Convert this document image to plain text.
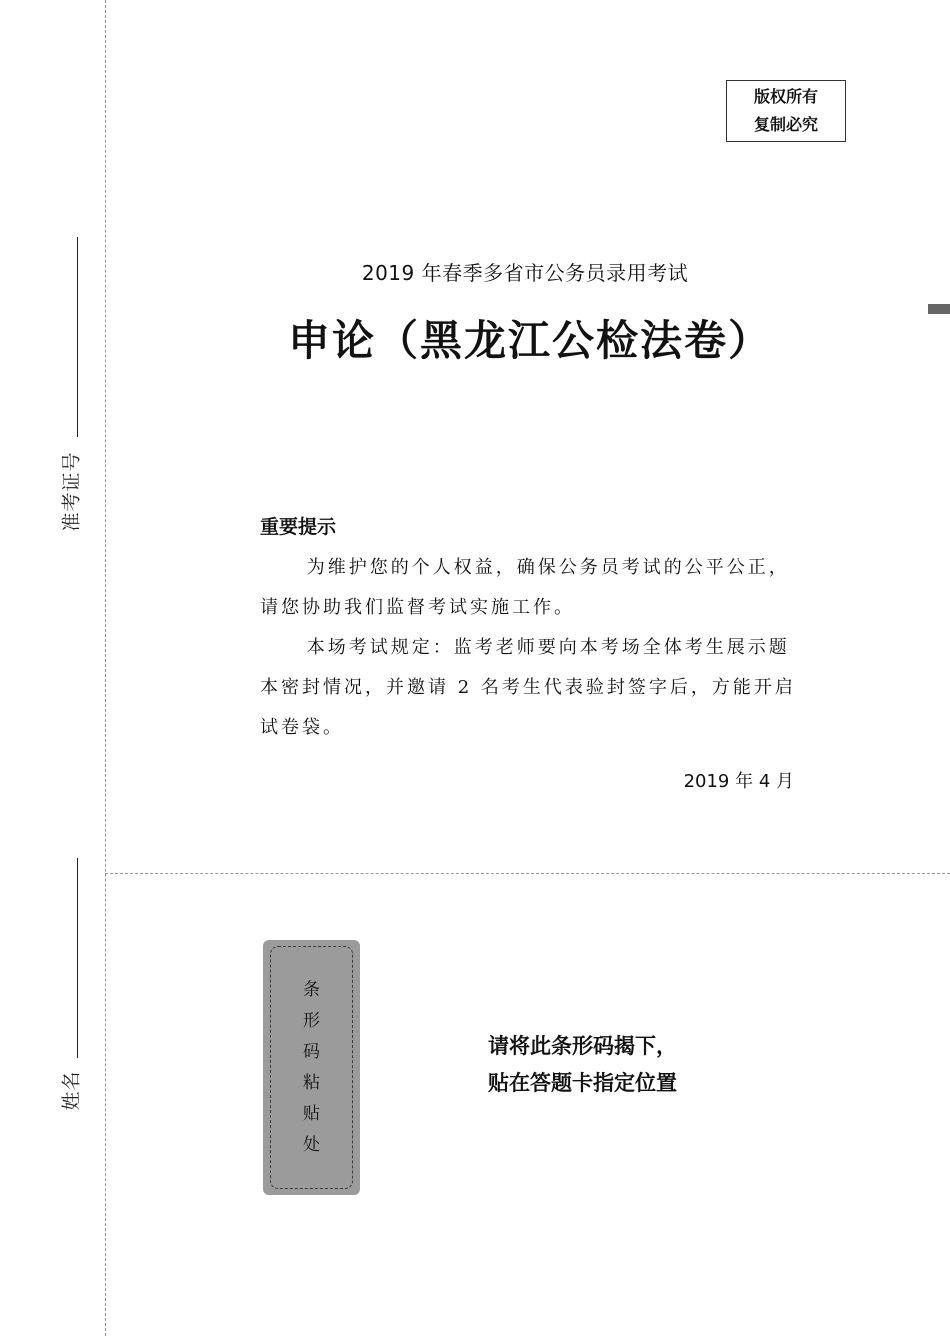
准考证号
姓名
版权所有
复制必究
2019 年春季多省市公务员录用考试
申论（黑龙江公检法卷）
重要提示

为维护您的个人权益，确保公务员考试的公平公正，请您协助我们监督考试实施工作。

本场考试规定：监考老师要向本考场全体考生展示题本密封情况，并邀请 2 名考生代表验封签字后，方能开启试卷袋。

2019 年 4 月
条
形
码
粘
贴
处
请将此条形码揭下，
贴在答题卡指定位置
